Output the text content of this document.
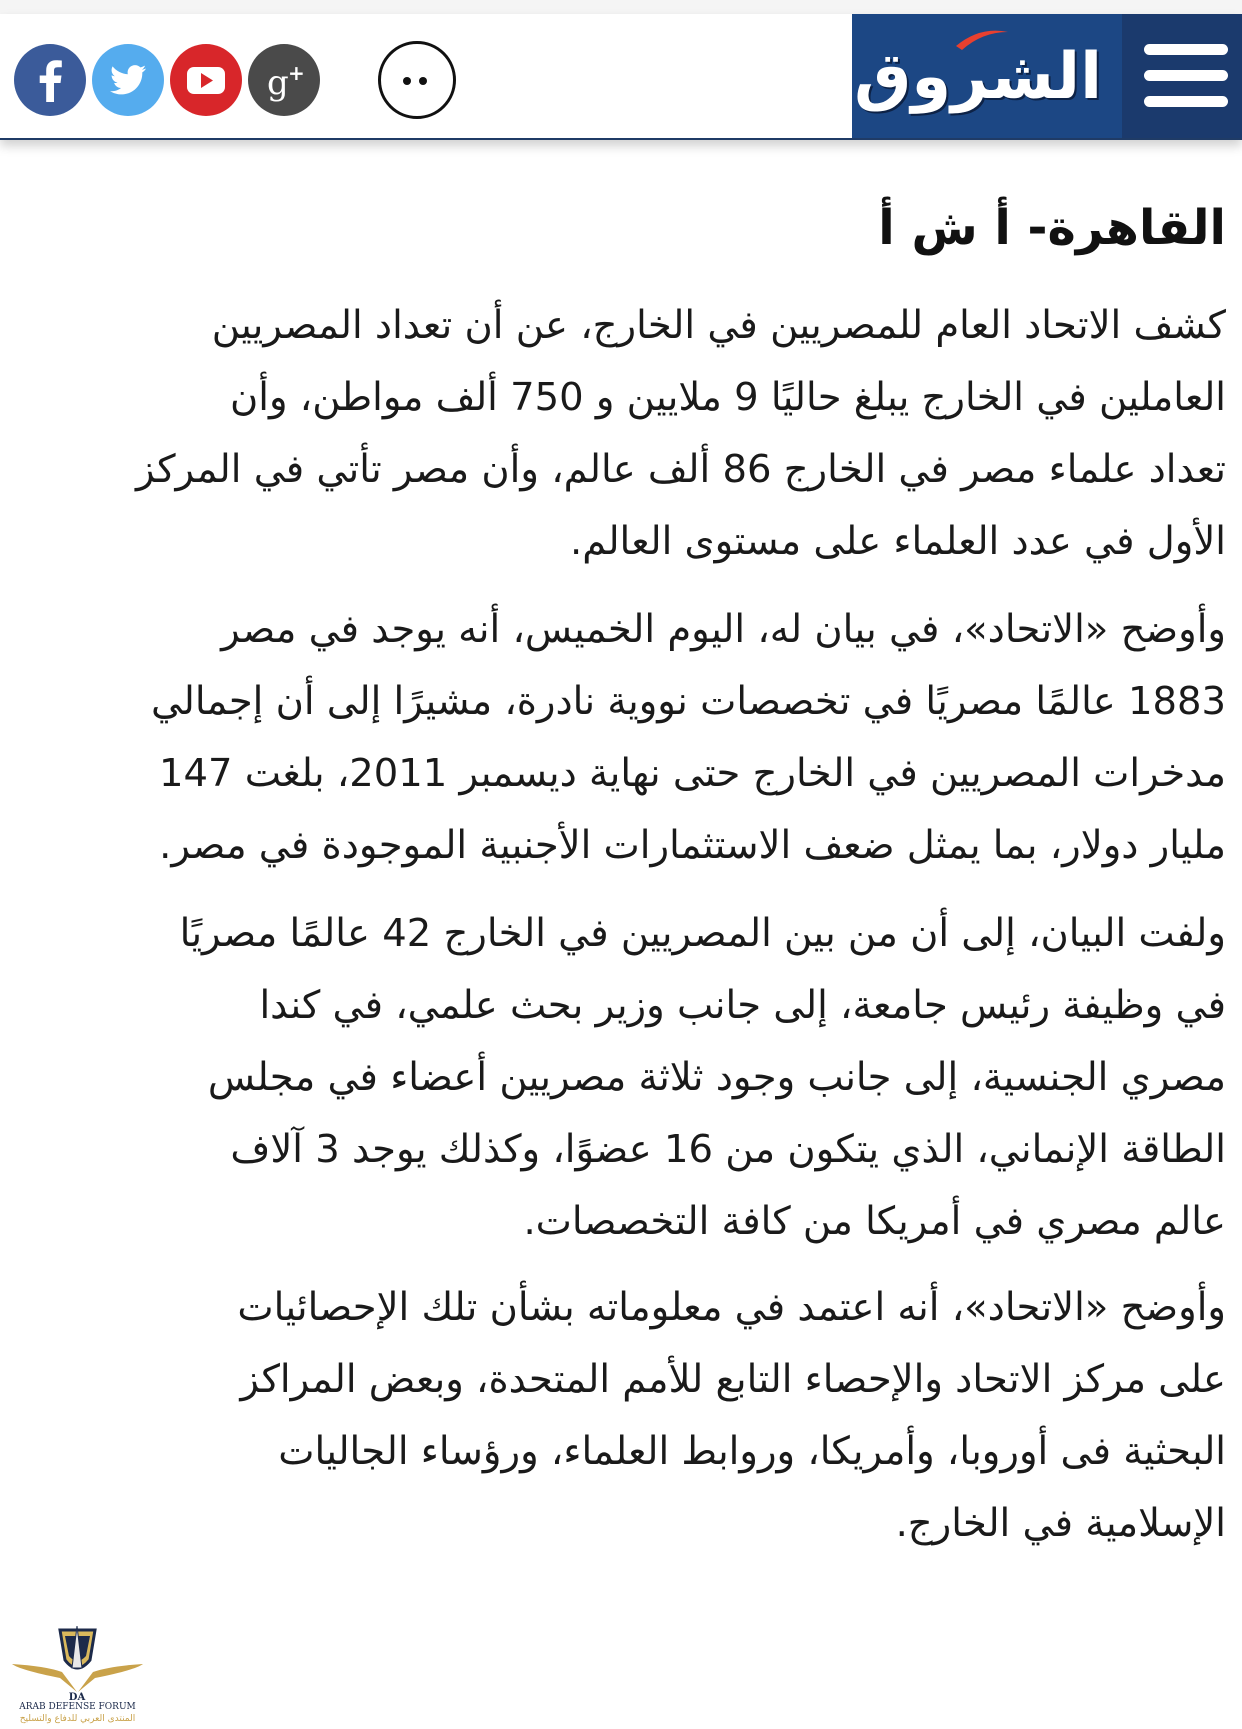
g +	الشروق
القاهرة- أ ش أ
كشف الاتحاد العام للمصريين في الخارج، عن أن تعداد المصريين
العاملين في الخارج يبلغ حاليًا 9 ملايين و 750 ألف مواطن، وأن
تعداد علماء مصر في الخارج 86 ألف عالم، وأن مصر تأتي في المركز
الأول في عدد العلماء على مستوى العالم.
وأوضح «الاتحاد»، في بيان له، اليوم الخميس، أنه يوجد في مصر
1883 عالمًا مصريًا في تخصصات نووية نادرة، مشيرًا إلى أن إجمالي
مدخرات المصريين في الخارج حتى نهاية ديسمبر 2011، بلغت 147
مليار دولار، بما يمثل ضعف الاستثمارات الأجنبية الموجودة في مصر.
ولفت البيان، إلى أن من بين المصريين في الخارج 42 عالمًا مصريًا
في وظيفة رئيس جامعة، إلى جانب وزير بحث علمي، في كندا
مصري الجنسية، إلى جانب وجود ثلاثة مصريين أعضاء في مجلس
الطاقة الإنماني، الذي يتكون من 16 عضوًا، وكذلك يوجد 3 آلاف
عالم مصري في أمريكا من كافة التخصصات.
وأوضح «الاتحاد»، أنه اعتمد في معلوماته بشأن تلك الإحصائيات
على مركز الاتحاد والإحصاء التابع للأمم المتحدة، وبعض المراكز
البحثية فى أوروبا، وأمريكا، وروابط العلماء، ورؤساء الجاليات
الإسلامية في الخارج.
DA
ARAB DEFENSE FORUM
المنتدى العربي للدفاع والتسليح
